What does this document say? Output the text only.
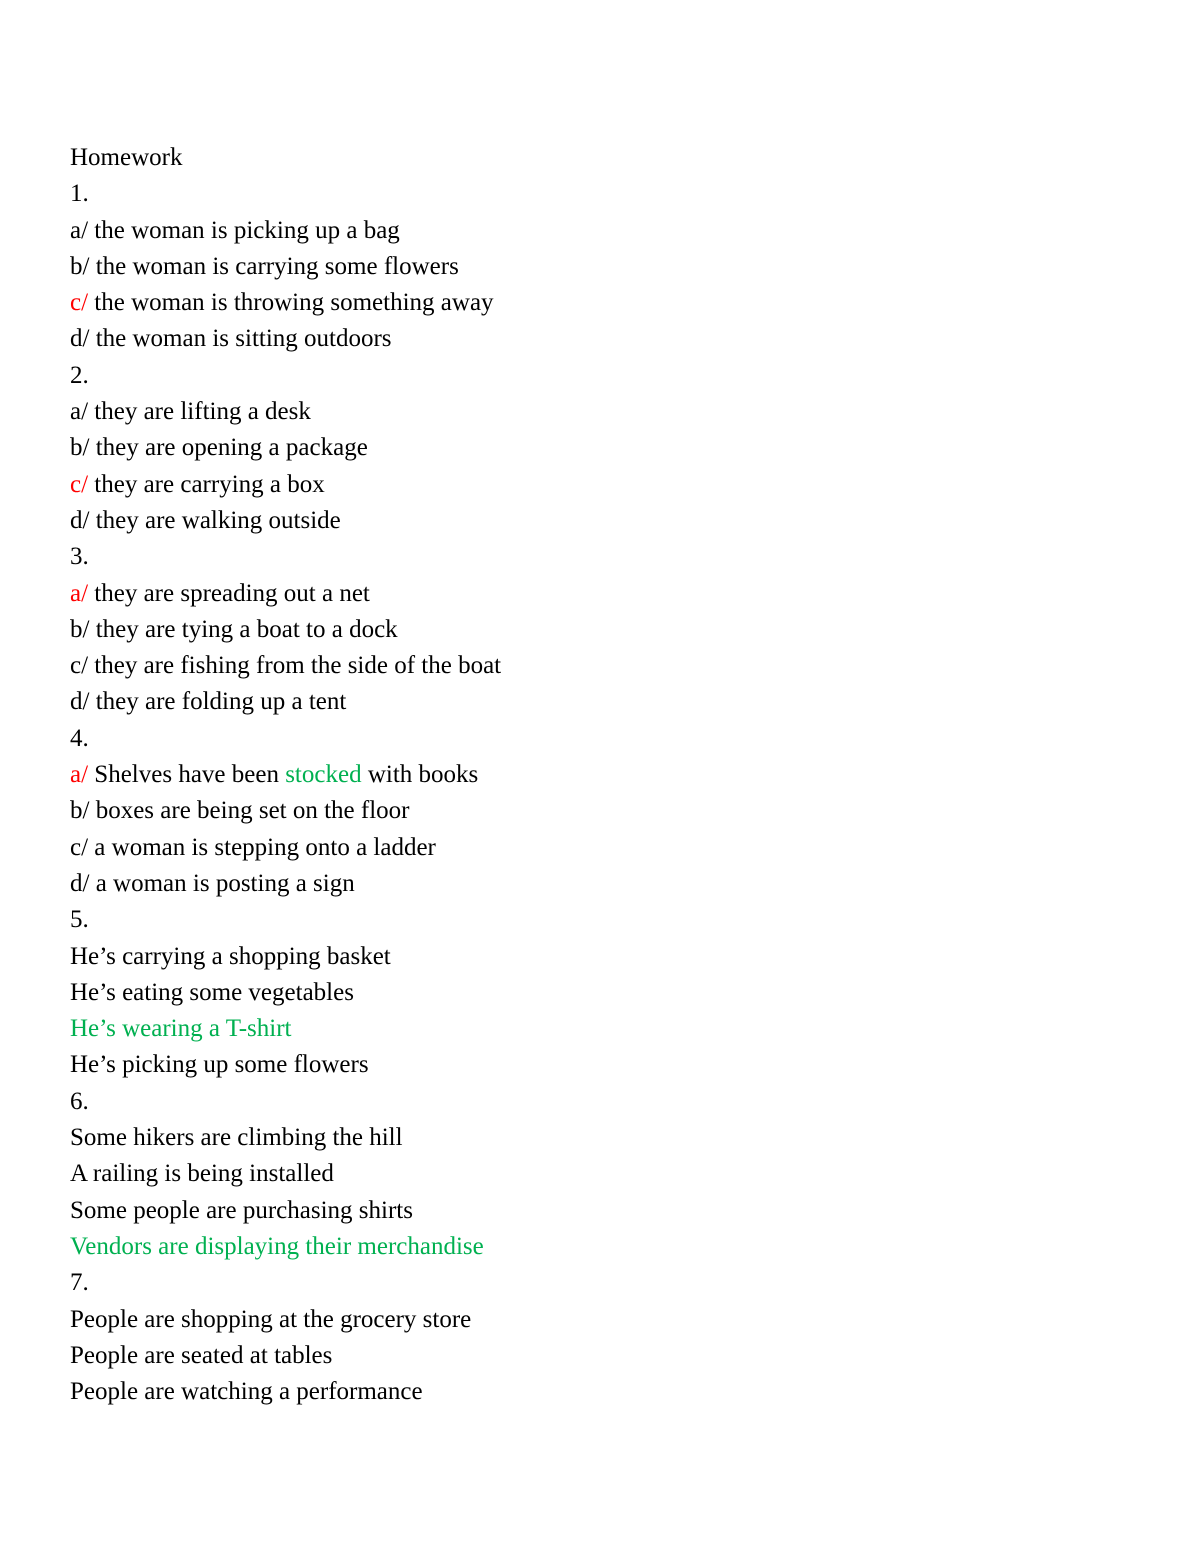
Homework
1.
a/ the woman is picking up a bag
b/ the woman is carrying some flowers
c/ the woman is throwing something away
d/ the woman is sitting outdoors
2.
a/ they are lifting a desk
b/ they are opening a package
c/ they are carrying a box
d/ they are walking outside
3.
a/ they are spreading out a net
b/ they are tying a boat to a dock
c/ they are fishing from the side of the boat
d/ they are folding up a tent
4.
a/ Shelves have been stocked with books
b/ boxes are being set on the floor
c/ a woman is stepping onto a ladder
d/ a woman is posting a sign
5.
He’s carrying a shopping basket
He’s eating some vegetables
He’s wearing a T-shirt
He’s picking up some flowers
6.
Some hikers are climbing the hill
A railing is being installed
Some people are purchasing shirts
Vendors are displaying their merchandise
7.
People are shopping at the grocery store
People are seated at tables
People are watching a performance
